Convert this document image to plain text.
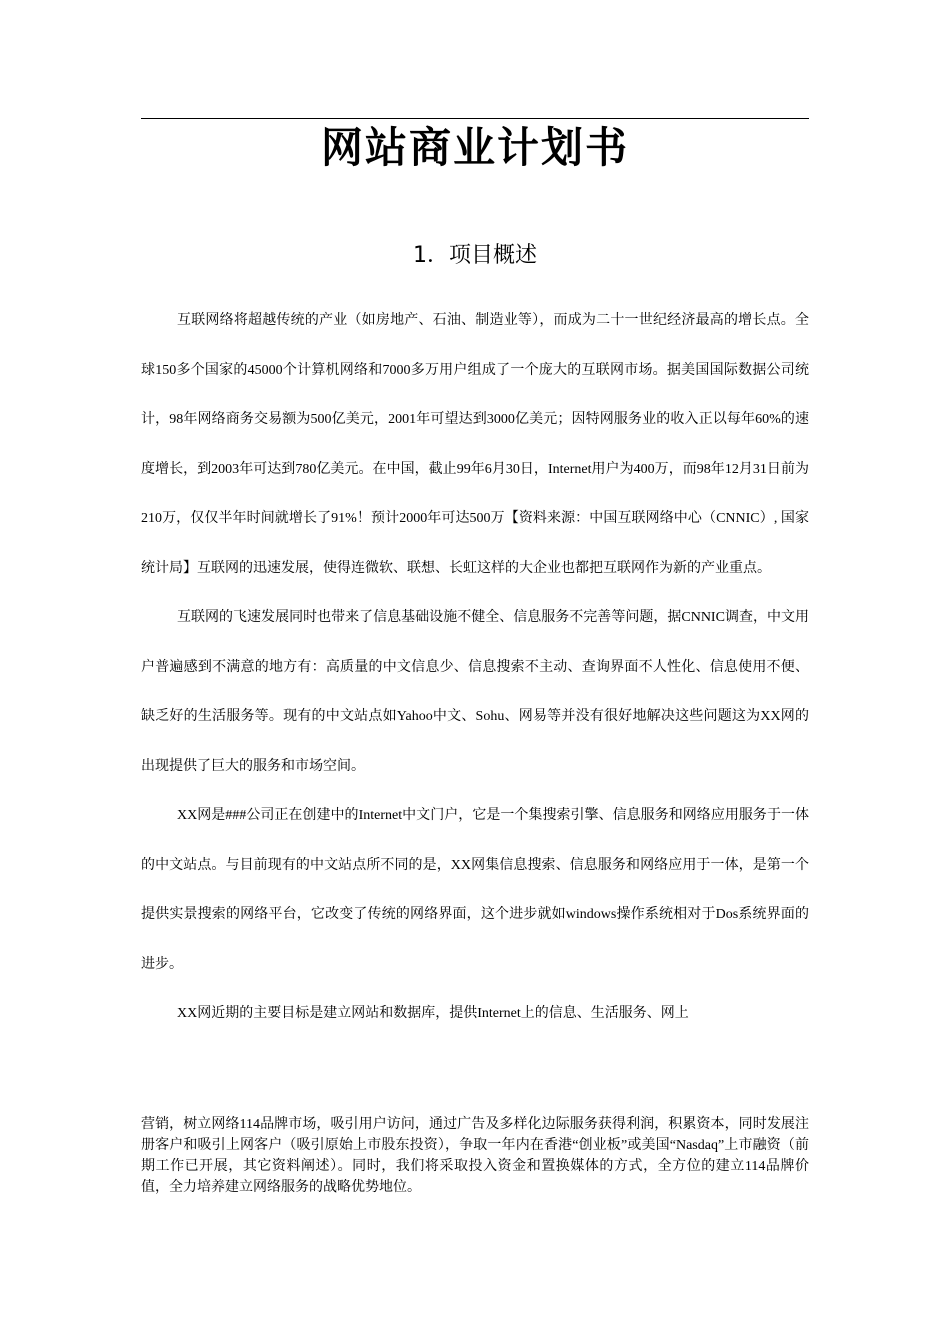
网站商业计划书
1．项目概述

互联网络将超越传统的产业（如房地产、石油、制造业等），而成为二十一世纪经济最高的增长点。全球150多个国家的45000个计算机网络和7000多万用户组成了一个庞大的互联网市场。据美国国际数据公司统计，98年网络商务交易额为500亿美元，2001年可望达到3000亿美元；因特网服务业的收入正以每年60%的速度增长，到2003年可达到780亿美元。在中国，截止99年6月30日，Internet用户为400万，而98年12月31日前为210万，仅仅半年时间就增长了91%！预计2000年可达500万【资料来源：中国互联网络中心（CNNIC）, 国家统计局】互联网的迅速发展，使得连微软、联想、长虹这样的大企业也都把互联网作为新的产业重点。

互联网的飞速发展同时也带来了信息基础设施不健全、信息服务不完善等问题，据CNNIC调查，中文用户普遍感到不满意的地方有：高质量的中文信息少、信息搜索不主动、查询界面不人性化、信息使用不便、缺乏好的生活服务等。现有的中文站点如Yahoo中文、Sohu、网易等并没有很好地解决这些问题这为XX网的出现提供了巨大的服务和市场空间。

XX网是###公司正在创建中的Internet中文门户，它是一个集搜索引擎、信息服务和网络应用服务于一体的中文站点。与目前现有的中文站点所不同的是，XX网集信息搜索、信息服务和网络应用于一体，是第一个提供实景搜索的网络平台，它改变了传统的网络界面，这个进步就如windows操作系统相对于Dos系统界面的进步。

XX网近期的主要目标是建立网站和数据库，提供Internet上的信息、生活服务、网上

营销，树立网络114品牌市场，吸引用户访问，通过广告及多样化边际服务获得利润，积累资本，同时发展注册客户和吸引上网客户（吸引原始上市股东投资），争取一年内在香港“创业板”或美国“Nasdaq”上市融资（前期工作已开展，其它资料阐述）。同时，我们将采取投入资金和置换媒体的方式，全方位的建立114品牌价值，全力培养建立网络服务的战略优势地位。
